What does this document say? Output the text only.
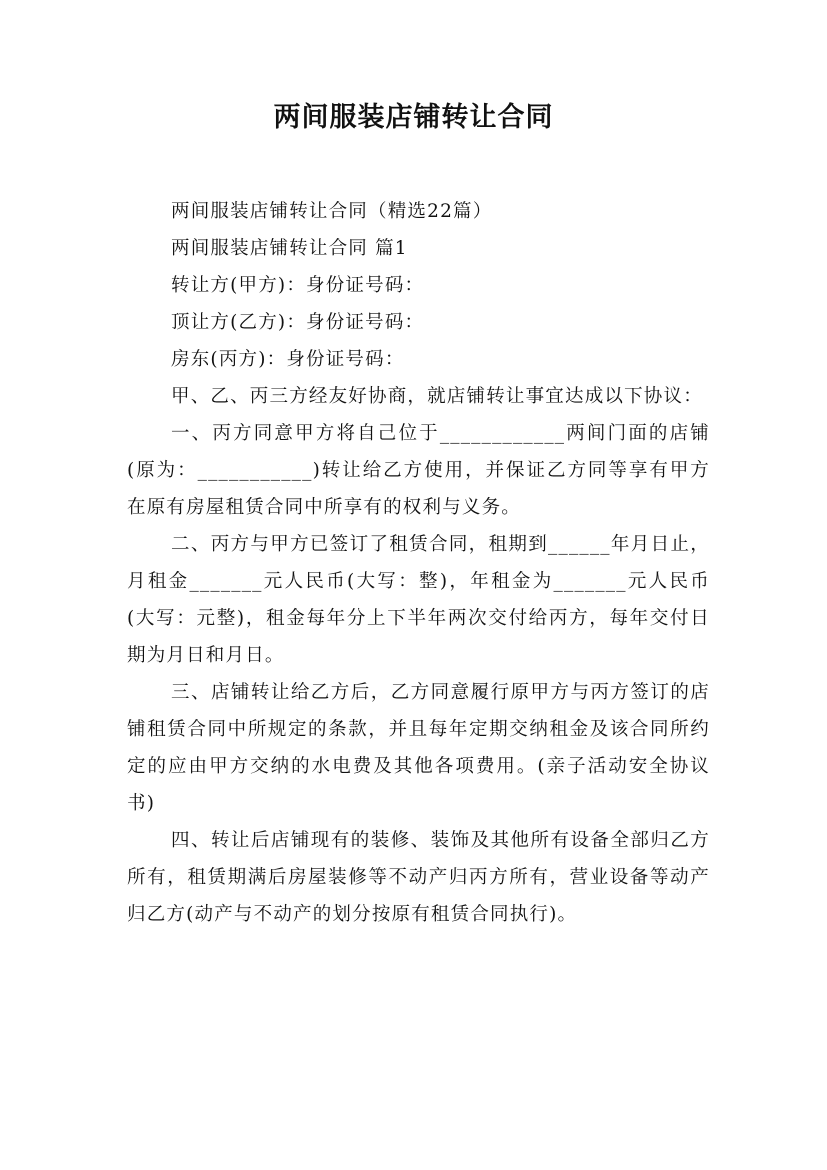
两间服装店铺转让合同

两间服装店铺转让合同（精选22篇）

两间服装店铺转让合同 篇1

转让方(甲方)：身份证号码：

顶让方(乙方)：身份证号码：

房东(丙方)：身份证号码：

甲、乙、丙三方经友好协商，就店铺转让事宜达成以下协议：

一、丙方同意甲方将自己位于____________两间门面的店铺(原为：___________)转让给乙方使用，并保证乙方同等享有甲方在原有房屋租赁合同中所享有的权利与义务。

二、丙方与甲方已签订了租赁合同，租期到______年月日止，月租金_______元人民币(大写：整)，年租金为_______元人民币(大写：元整)，租金每年分上下半年两次交付给丙方，每年交付日期为月日和月日。

三、店铺转让给乙方后，乙方同意履行原甲方与丙方签订的店铺租赁合同中所规定的条款，并且每年定期交纳租金及该合同所约定的应由甲方交纳的水电费及其他各项费用。(亲子活动安全协议书)

四、转让后店铺现有的装修、装饰及其他所有设备全部归乙方所有，租赁期满后房屋装修等不动产归丙方所有，营业设备等动产归乙方(动产与不动产的划分按原有租赁合同执行)。
